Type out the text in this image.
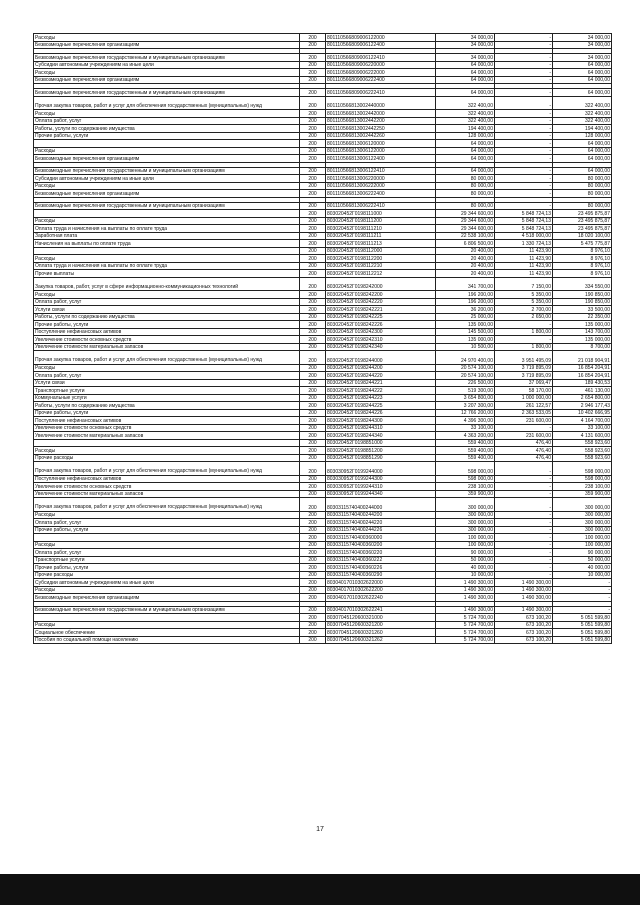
Расходы	200	801110566809006122000	34 000,00	-	34 000,00
Безвозмездные перечисления организациям	200	801110566809006122400	34 000,00	-	34 000,00

Безвозмездные перечисления государственным и муниципальным организациям	200	801110566809006122410	34 000,00	-	34 000,00
Субсидии автономным учреждениям на иные цели	200	801110566809006220000	64 000,00	-	64 000,00
Расходы	200	801110566809006222000	64 000,00	-	64 000,00
Безвозмездные перечисления организациям	200	801110566809006222400	64 000,00	-	64 000,00

Безвозмездные перечисления государственным и муниципальным организациям	200	801110566809006222410	64 000,00	-	64 000,00

Прочая закупка товаров, работ и услуг для обеспечения государственных (муниципальных) нужд	200	801110566813002440000	322 400,00	-	322 400,00
Расходы	200	801110566813002442000	322 400,00	-	322 400,00
Оплата работ, услуг	200	801110566813002442200	322 400,00	-	322 400,00
Работы, услуги по содержанию имущества	200	801110566813002442250	194 400,00	-	194 400,00
Прочие работы, услуги	200	801110566813002442260	128 000,00	-	128 000,00
	200	801110566813006120000	64 000,00	-	64 000,00
Расходы	200	801110566813006122000	64 000,00	-	64 000,00
Безвозмездные перечисления организациям	200	801110566813006122400	64 000,00	-	64 000,00

Безвозмездные перечисления государственным и муниципальным организациям	200	801110566813006122410	64 000,00	-	64 000,00
Субсидии автономным учреждениям на иные цели	200	801110566813006220000	80 000,00	-	80 000,00
Расходы	200	801110566813006222000	80 000,00	-	80 000,00
Безвозмездные перечисления организациям	200	801110566813006222400	80 000,00	-	80 000,00

Безвозмездные перечисления государственным и муниципальным организациям	200	801110566813006222410	80 000,00	-	80 000,00
	200	803020452Г0198111000	29 344 600,00	5 848 724,13	23 495 875,87
Расходы	200	803020452Г0198111200	29 344 600,00	5 848 724,13	23 495 875,87
Оплата труда и начисления на выплаты по оплате труда	200	803020452Г0198111210	29 344 600,00	5 848 724,13	23 495 875,87
Заработная плата	200	803020452Г0198111211	22 538 100,00	4 518 000,00	18 020 100,00
Начисления на выплаты по оплате труда	200	803020452Г0198111213	6 806 500,00	1 330 724,13	5 475 775,87
	200	803020452Г0198112000	20 400,00	11 423,90	8 976,10
Расходы	200	803020452Г0198112200	20 400,00	11 423,90	8 976,10
Оплата труда и начисления на выплаты по оплате труда	200	803020452Г0198112210	20 400,00	11 423,90	8 976,10
Прочие выплаты	200	803020452Г0198112212	20 400,00	11 423,90	8 976,10

Закупка товаров, работ, услуг в сфере информационно-коммуникационных технологий	200	803020452Г0198242000	341 700,00	7 150,00	334 550,00
Расходы	200	803020452Г0198242200	196 200,00	5 350,00	190 850,00
Оплата работ, услуг	200	803020452Г0198242220	196 200,00	5 350,00	190 850,00
Услуги связи	200	803020452Г0198242221	36 200,00	2 700,00	33 500,00
Работы, услуги по содержанию имущества	200	803020452Г0198242225	25 000,00	2 650,00	22 350,00
Прочие работы, услуги	200	803020452Г0198242226	135 000,00	-	135 000,00
Поступление нефинансовых активов	200	803020452Г0198242300	145 500,00	1 800,00	143 700,00
Увеличение стоимости основных средств	200	803020452Г0198242310	135 000,00	-	135 000,00
Увеличение стоимости материальных запасов	200	803020452Г0198242340	10 500,00	1 800,00	8 700,00

Прочая закупка товаров, работ и услуг для обеспечения государственных (муниципальных) нужд	200	803020452Г0198244000	24 970 400,00	3 951 495,09	21 018 904,91
Расходы	200	803020452Г0198244200	20 574 100,00	3 719 895,09	16 854 204,91
Оплата работ, услуг	200	803020452Г0198244220	20 574 100,00	3 719 895,09	16 854 204,91
Услуги связи	200	803020452Г0198244221	226 500,00	37 069,47	189 430,53
Транспортные услуги	200	803020452Г0198244222	519 300,00	58 170,00	461 130,00
Коммунальные услуги	200	803020452Г0198244223	3 654 800,00	1 000 000,00	2 654 800,00
Работы, услуги по содержанию имущества	200	803020452Г0198244225	3 207 300,00	261 122,57	2 946 177,43
Прочие работы, услуги	200	803020452Г0198244226	12 766 200,00	2 363 533,05	10 402 666,95
Поступление нефинансовых активов	200	803020452Г0198244300	4 396 300,00	231 600,00	4 164 700,00
Увеличение стоимости основных средств	200	803020452Г0198244310	33 100,00	-	33 100,00
Увеличение стоимости материальных запасов	200	803020452Г0198244340	4 363 200,00	231 600,00	4 131 600,00
	200	803020452Г0198851000	559 400,00	476,40	558 923,60
Расходы	200	803020452Г0198851200	559 400,00	476,40	558 923,60
Прочие расходы	200	803020452Г0198851290	559 400,00	476,40	558 923,60

Прочая закупка товаров, работ и услуг для обеспечения государственных (муниципальных) нужд	200	803030952Г0199244000	598 000,00	-	598 000,00
Поступление нефинансовых активов	200	803030952Г0199244300	598 000,00	-	598 000,00
Увеличение стоимости основных средств	200	803030952Г0199244310	238 100,00	-	238 100,00
Увеличение стоимости материальных запасов	200	803030952Г0199244340	359 900,00	-	359 900,00

Прочая закупка товаров, работ и услуг для обеспечения государственных (муниципальных) нужд	200	80303115740400244000	300 000,00	-	300 000,00
Расходы	200	80303115740400244200	300 000,00	-	300 000,00
Оплата работ, услуг	200	80303115740400244220	300 000,00	-	300 000,00
Прочие работы, услуги	200	80303115740400244226	300 000,00	-	300 000,00
	200	80303115740400360000	100 000,00	-	100 000,00
Расходы	200	80303115740400360200	100 000,00	-	100 000,00
Оплата работ, услуг	200	80303115740400360220	90 000,00	-	90 000,00
Транспортные услуги	200	80303115740400360222	50 000,00	-	50 000,00
Прочие работы, услуги	200	80303115740400360226	40 000,00	-	40 000,00
Прочие расходы	200	80303115740400360290	10 000,00	-	10 000,00
Субсидии автономным учреждениям на иные цели	200	80304017010302622000	1 490 300,00	1 490 300,00	-
Расходы	200	80304017010302622200	1 490 300,00	1 490 300,00	-
Безвозмездные перечисления организациям	200	80304017010302622240	1 490 300,00	1 490 300,00	-

Безвозмездные перечисления государственным и муниципальным организациям	200	80304017010302622241	1 490 300,00	1 490 300,00	-
	200	80307045120600321000	5 724 700,00	673 100,20	5 051 599,80
Расходы	200	80307045120600321200	5 724 700,00	673 100,20	5 051 599,80
Социальное обеспечение	200	80307045120600321260	5 724 700,00	673 100,20	5 051 599,80
Пособия по социальной помощи населению	200	80307045120600321262	5 724 700,00	673 100,20	5 051 599,80
17
